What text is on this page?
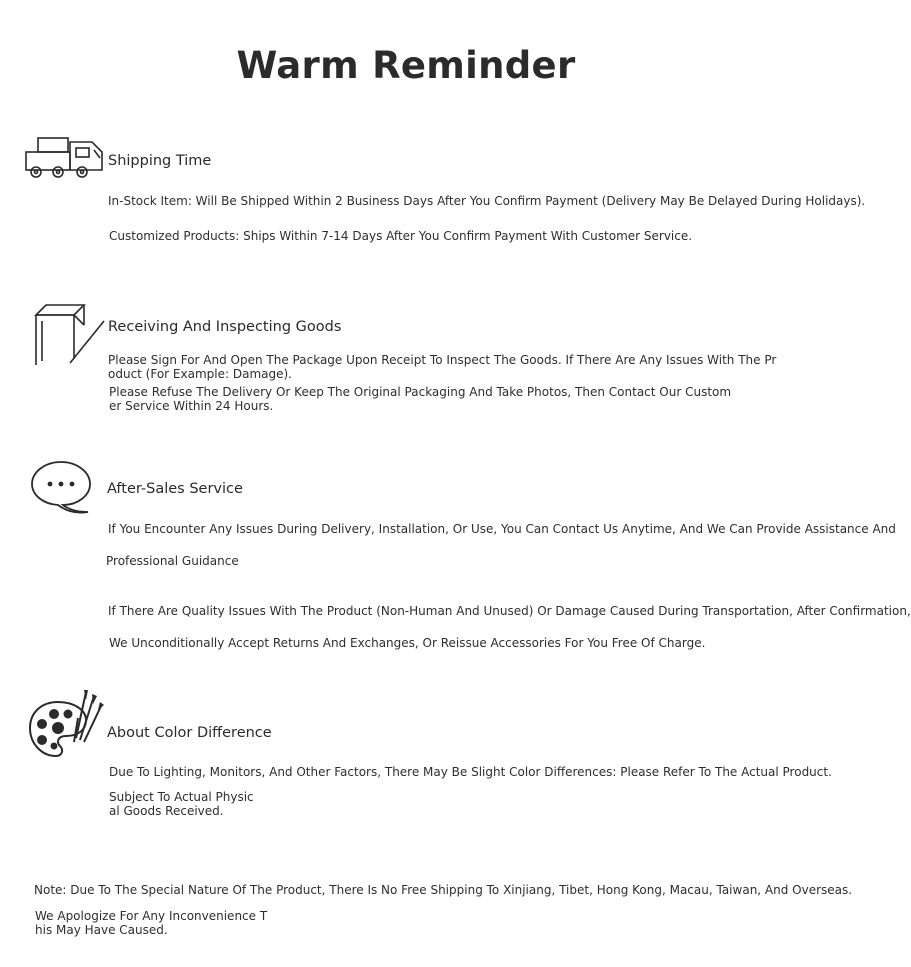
Warm Reminder
Shipping Time
In-Stock Item: Will Be Shipped Within 2 Business Days After You Confirm Payment (Delivery May Be Delayed During Holidays).
Customized Products: Ships Within 7-14 Days After You Confirm Payment With Customer Service.
Receiving And Inspecting Goods
Please Sign For And Open The Package Upon Receipt To Inspect The Goods. If There Are Any Issues With The Product (For Example: Damage).
Please Refuse The Delivery Or Keep The Original Packaging And Take Photos, Then Contact Our Customer Service Within 24 Hours.
After-Sales Service
If You Encounter Any Issues During Delivery, Installation, Or Use, You Can Contact Us Anytime, And We Can Provide Assistance And
Professional Guidance
If There Are Quality Issues With The Product (Non-Human And Unused) Or Damage Caused During Transportation, After Confirmation,
We Unconditionally Accept Returns And Exchanges, Or Reissue Accessories For You Free Of Charge.
About Color Difference
Due To Lighting, Monitors, And Other Factors, There May Be Slight Color Differences: Please Refer To The Actual Product.
Subject To Actual Physical Goods Received.
Note: Due To The Special Nature Of The Product, There Is No Free Shipping To Xinjiang, Tibet, Hong Kong, Macau, Taiwan, And Overseas.
We Apologize For Any Inconvenience This May Have Caused.
